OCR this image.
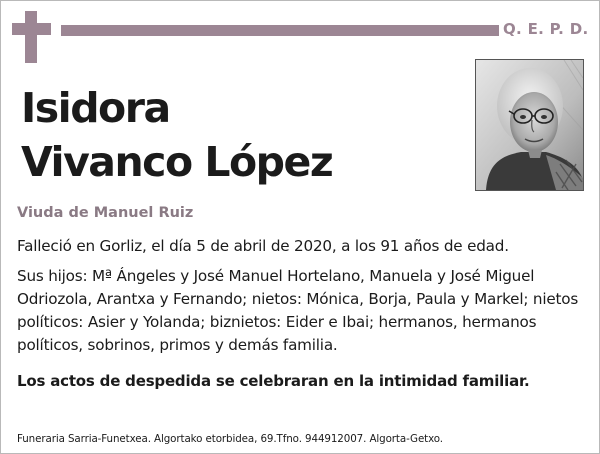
Q. E. P. D.
Isidora
Vivanco López
Viuda de Manuel Ruiz
Falleció en Gorliz, el día 5 de abril de 2020, a los 91 años de edad.
Sus hijos: Mª Ángeles y José Manuel Hortelano, Manuela y José Miguel Odriozola, Arantxa y Fernando; nietos: Mónica, Borja, Paula y Markel; nietos políticos: Asier y Yolanda; biznietos: Eider e Ibai; hermanos, hermanos políticos, sobrinos, primos y demás familia.
Los actos de despedida se celebraran en la intimidad familiar.
Funeraria Sarria-Funetxea. Algortako etorbidea, 69.Tfno. 944912007. Algorta-Getxo.
